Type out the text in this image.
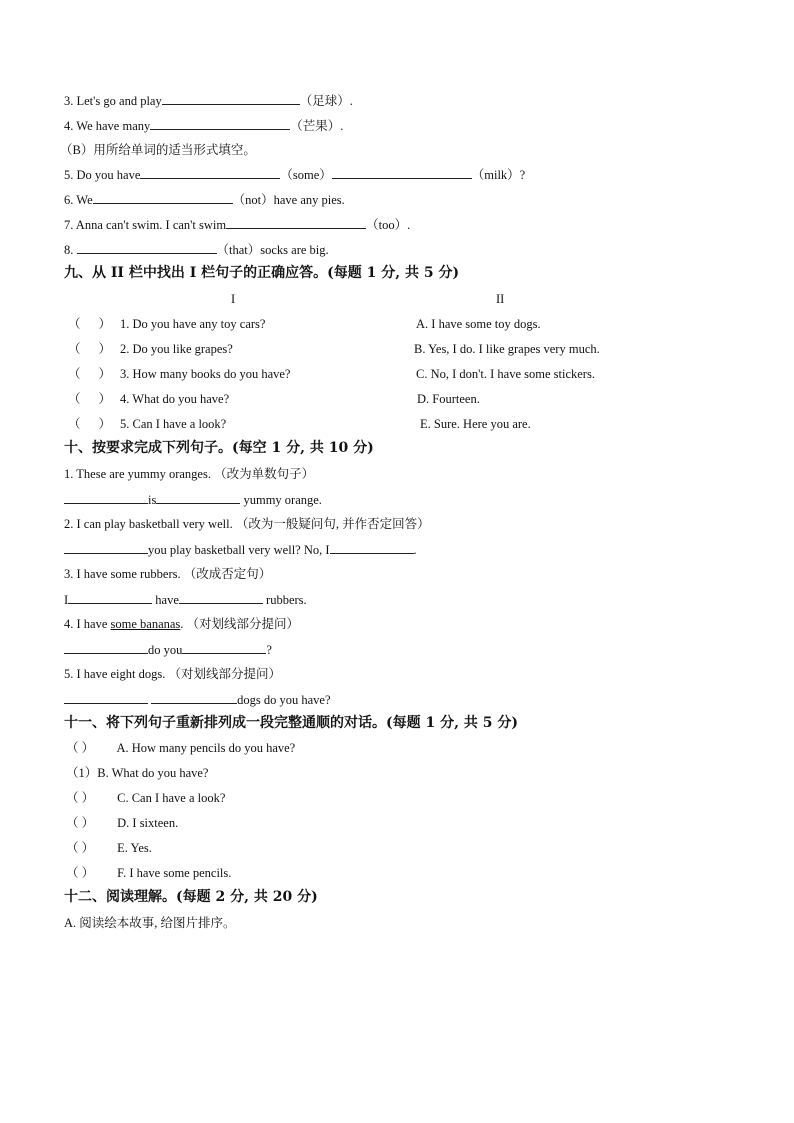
3. Let's go and play	（足球）.
4. We have many	（芒果）.
（B）用所给单词的适当形式填空。
5. Do you have	（some）	（milk）?
6. We	（not）have any pies.
7. Anna can't swim. I can't swim	（too）.
8.	（that）socks are big.
九、从 II 栏中找出 I 栏句子的正确应答。(每题 1 分, 共 5 分)
I	II
（ ） 1. Do you have any toy cars?	A. I have some toy dogs.
（ ） 2. Do you like grapes?	B. Yes, I do. I like grapes very much.
（ ） 3. How many books do you have?	C. No, I don't. I have some stickers.
（ ） 4. What do you have?	D. Fourteen.
（ ） 5. Can I have a look?	E. Sure. Here you are.
十、按要求完成下列句子。(每空 1 分, 共 10 分)
1. These are yummy oranges. （改为单数句子）
is	yummy orange.
2. I can play basketball very well. （改为一般疑问句, 并作否定回答）
you play basketball very well? No, I	.
3. I have some rubbers. （改成否定句）
I	have	rubbers.
4. I have some bananas. （对划线部分提问）
do you	?
5. I have eight dogs. （对划线部分提问）
dogs do you have?
十一、将下列句子重新排列成一段完整通顺的对话。(每题 1 分, 共 5 分)
（ ） A. How many pencils do you have?
（1）B. What do you have?
（ ） C. Can I have a look?
（ ） D. I sixteen.
（ ） E. Yes.
（ ） F. I have some pencils.
十二、阅读理解。(每题 2 分, 共 20 分)
A. 阅读绘本故事, 给图片排序。
